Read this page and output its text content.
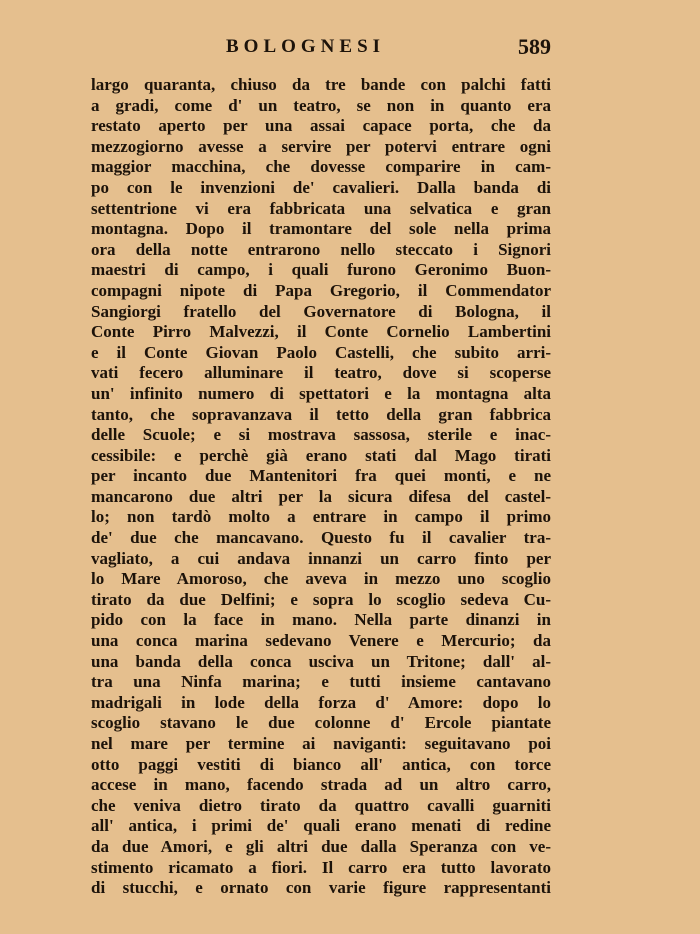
BOLOGNESI	589
largo quaranta, chiuso da tre bande con palchi fatti
a gradi, come d' un teatro, se non in quanto era
restato aperto per una assai capace porta, che da
mezzogiorno avesse a servire per potervi entrare ogni
maggior macchina, che dovesse comparire in cam-
po con le invenzioni de' cavalieri. Dalla banda di
settentrione vi era fabbricata una selvatica e gran
montagna. Dopo il tramontare del sole nella prima
ora della notte entrarono nello steccato i Signori
maestri di campo, i quali furono Geronimo Buon-
compagni nipote di Papa Gregorio, il Commendator
Sangiorgi fratello del Governatore di Bologna, il
Conte Pirro Malvezzi, il Conte Cornelio Lambertini
e il Conte Giovan Paolo Castelli, che subito arri-
vati fecero alluminare il teatro, dove si scoperse
un' infinito numero di spettatori e la montagna alta
tanto, che sopravanzava il tetto della gran fabbrica
delle Scuole; e si mostrava sassosa, sterile e inac-
cessibile: e perchè già erano stati dal Mago tirati
per incanto due Mantenitori fra quei monti, e ne
mancarono due altri per la sicura difesa del castel-
lo; non tardò molto a entrare in campo il primo
de' due che mancavano. Questo fu il cavalier tra-
vagliato, a cui andava innanzi un carro finto per
lo Mare Amoroso, che aveva in mezzo uno scoglio
tirato da due Delfini; e sopra lo scoglio sedeva Cu-
pido con la face in mano. Nella parte dinanzi in
una conca marina sedevano Venere e Mercurio; da
una banda della conca usciva un Tritone; dall' al-
tra una Ninfa marina; e tutti insieme cantavano
madrigali in lode della forza d' Amore: dopo lo
scoglio stavano le due colonne d' Ercole piantate
nel mare per termine ai naviganti: seguitavano poi
otto paggi vestiti di bianco all' antica, con torce
accese in mano, facendo strada ad un altro carro,
che veniva dietro tirato da quattro cavalli guarniti
all' antica, i primi de' quali erano menati di redine
da due Amori, e gli altri due dalla Speranza con ve-
stimento ricamato a fiori. Il carro era tutto lavorato
di stucchi, e ornato con varie figure rappresentanti
